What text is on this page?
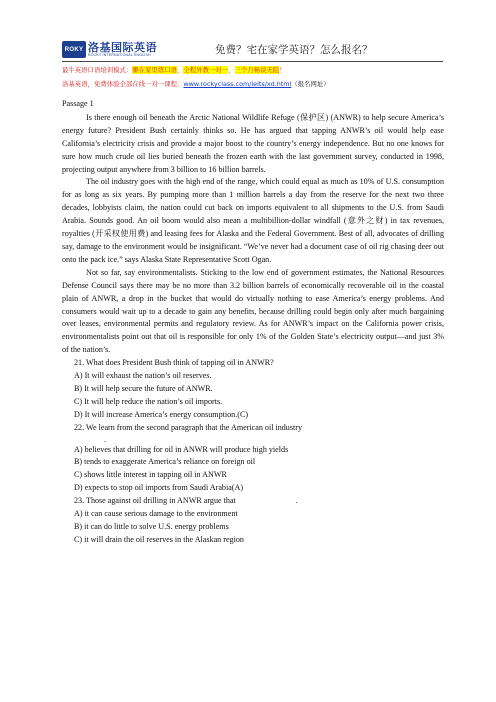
ROKY 洛基国际英语
ROCKY INTERNATIONAL ENGLISH	免费？宅在家学英语？怎么报名？
最牛英语口语培训模式：懒在家里练口语，全程外教一对一，三个月畅谈无阻！
洛基英语，免费体验全部在线一对一课程：www.rockyclass.com/ielts/xd.html（报名网址）

Passage 1

Is there enough oil beneath the Arctic National Wildlife Refuge (保护区) (ANWR) to help secure America’s energy future? President Bush certainly thinks so. He has argued that tapping ANWR’s oil would help ease California’s electricity crisis and provide a major boost to the country’s energy independence. But no one knows for sure how much crude oil lies buried beneath the frozen earth with the last government survey, conducted in 1998, projecting output anywhere from 3 billion to 16 billion barrels.

The oil industry goes with the high end of the range, which could equal as much as 10% of U.S. consumption for as long as six years. By pumping more than 1 million barrels a day from the reserve for the next two three decades, lobbyists claim, the nation could cut back on imports equivalent to all shipments to the U.S. from Saudi Arabia. Sounds good. An oil boom would also mean a multibillion-dollar windfall (意外之财) in tax revenues, royalties (开采权使用费) and leasing fees for Alaska and the Federal Government. Best of all, advocates of drilling say, damage to the environment would be insignificant. “We’ve never had a document case of oil rig chasing deer out onto the pack ice.” says Alaska State Representative Scott Ogan.

Not so far, say environmentalists. Sticking to the low end of government estimates, the National Resources Defense Council says there may be no more than 3.2 billion barrels of economically recoverable oil in the coastal plain of ANWR, a drop in the bucket that would do virtually nothing to ease America’s energy problems. And consumers would wait up to a decade to gain any benefits, because drilling could begin only after much bargaining over leases, environmental permits and regulatory review. As for ANWR’s impact on the California power crisis, environmentalists point out that oil is responsible for only 1% of the Golden State’s electricity output—and just 3% of the nation’s.

21. What does President Bush think of tapping oil in ANWR?

A) It will exhaust the nation’s oil reserves.

B) It will help secure the future of ANWR.

C) It will help reduce the nation’s oil imports.

D) It will increase America’s energy consumption.(C)

22. We learn from the second paragraph that the American oil industry

.

A) believes that drilling for oil in ANWR will produce high yields

B) tends to exaggerate America’s reliance on foreign oil

C) shows little interest in tapping oil in ANWR

D) expects to stop oil imports from Saudi Arabia(A)

23. Those against oil drilling in ANWR argue that	.

A) it can cause serious damage to the environment

B) it can do little to solve U.S. energy problems

C) it will drain the oil reserves in the Alaskan region
